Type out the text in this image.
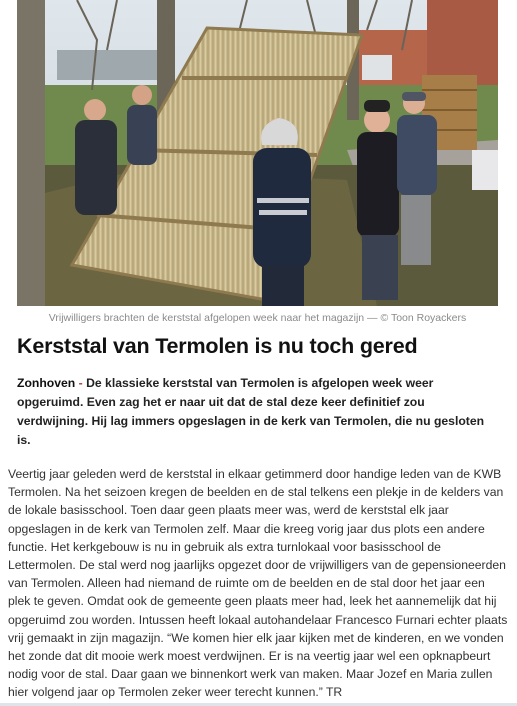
Vrijwilligers brachten de kerststal afgelopen week naar het magazijn — © Toon Royackers
Kerststal van Termolen is nu toch gered

Zonhoven - De klassieke kerststal van Termolen is afgelopen week weer opgeruimd. Even zag het er naar uit dat de stal deze keer definitief zou verdwijning. Hij lag immers opgeslagen in de kerk van Termolen, die nu gesloten is.

Veertig jaar geleden werd de kerststal in elkaar getimmerd door handige leden van de KWB Termolen. Na het seizoen kregen de beelden en de stal telkens een plekje in de kelders van de lokale basisschool. Toen daar geen plaats meer was, werd de kerststal elk jaar opgeslagen in de kerk van Termolen zelf. Maar die kreeg vorig jaar dus plots een andere functie. Het kerkgebouw is nu in gebruik als extra turnlokaal voor basisschool de Lettermolen. De stal werd nog jaarlijks opgezet door de vrijwilligers van de gepensioneerden van Termolen. Alleen had niemand de ruimte om de beelden en de stal door het jaar een plek te geven. Omdat ook de gemeente geen plaats meer had, leek het aannemelijk dat hij opgeruimd zou worden. Intussen heeft lokaal autohandelaar Francesco Furnari echter plaats vrij gemaakt in zijn magazijn. “We komen hier elk jaar kijken met de kinderen, en we vonden het zonde dat dit mooie werk moest verdwijnen. Er is na veertig jaar wel een opknapbeurt nodig voor de stal. Daar gaan we binnenkort werk van maken. Maar Jozef en Maria zullen hier volgend jaar op Termolen zeker weer terecht kunnen.” TR
